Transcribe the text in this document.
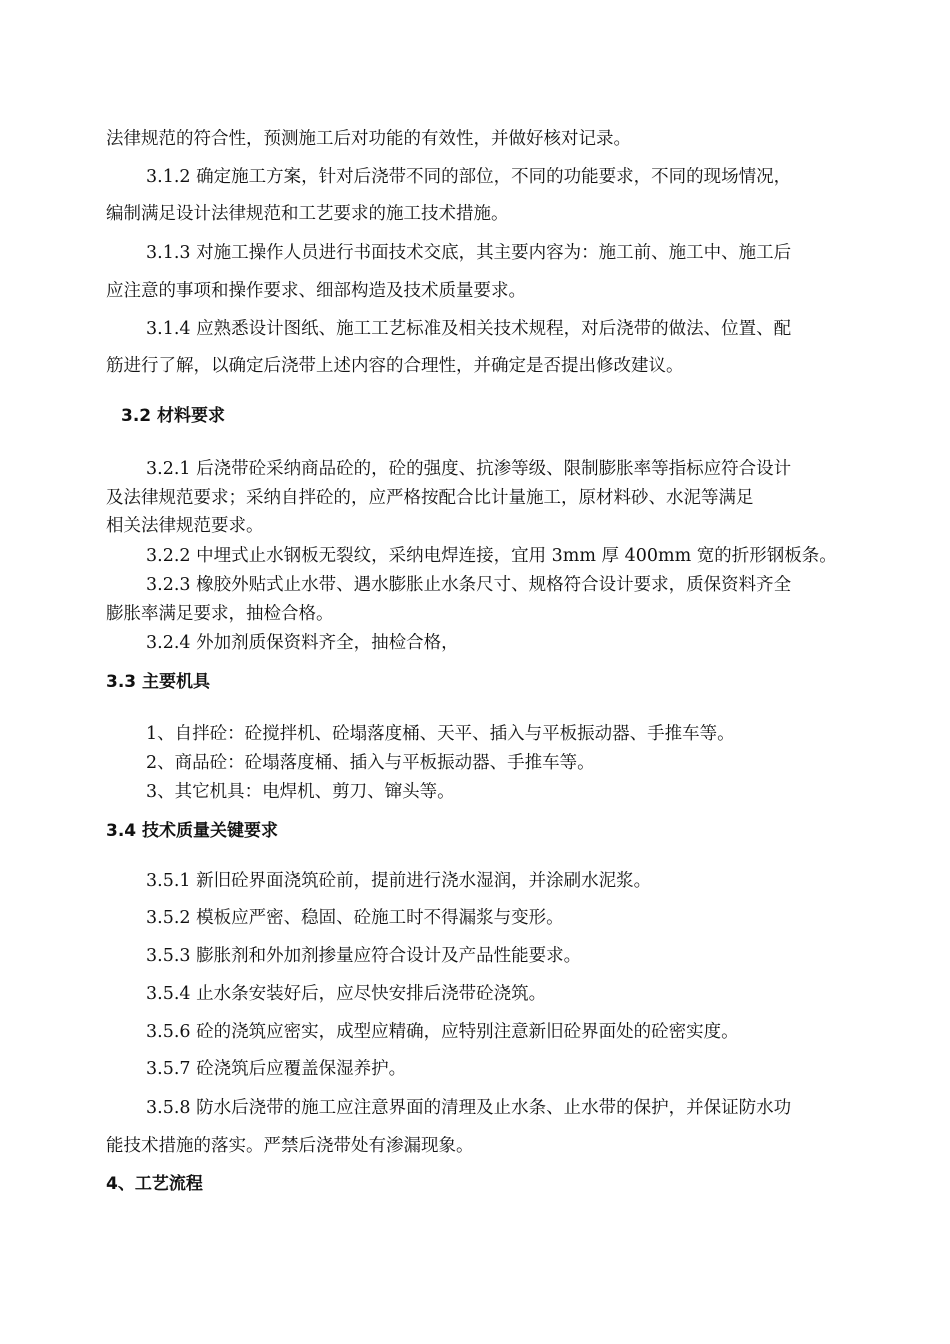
法律规范的符合性，预测施工后对功能的有效性，并做好核对记录。
3.1.2 确定施工方案，针对后浇带不同的部位，不同的功能要求，不同的现场情况，
编制满足设计法律规范和工艺要求的施工技术措施。
3.1.3 对施工操作人员进行书面技术交底，其主要内容为：施工前、施工中、施工后
应注意的事项和操作要求、细部构造及技术质量要求。
3.1.4 应熟悉设计图纸、施工工艺标准及相关技术规程，对后浇带的做法、位置、配
筋进行了解，以确定后浇带上述内容的合理性，并确定是否提出修改建议。
3.2 材料要求
3.2.1 后浇带砼采纳商品砼的，砼的强度、抗渗等级、限制膨胀率等指标应符合设计
及法律规范要求；采纳自拌砼的，应严格按配合比计量施工，原材料砂、水泥等满足
相关法律规范要求。
3.2.2 中埋式止水钢板无裂纹，采纳电焊连接，宜用 3mm 厚 400mm 宽的折形钢板条。
3.2.3 橡胶外贴式止水带、遇水膨胀止水条尺寸、规格符合设计要求，质保资料齐全
膨胀率满足要求，抽检合格。
3.2.4 外加剂质保资料齐全，抽检合格，
3.3 主要机具
1、自拌砼：砼搅拌机、砼塌落度桶、天平、插入与平板振动器、手推车等。
2、商品砼：砼塌落度桶、插入与平板振动器、手推车等。
3、其它机具：电焊机、剪刀、镩头等。
3.4 技术质量关键要求
3.5.1 新旧砼界面浇筑砼前，提前进行浇水湿润，并涂刷水泥浆。
3.5.2 模板应严密、稳固、砼施工时不得漏浆与变形。
3.5.3 膨胀剂和外加剂掺量应符合设计及产品性能要求。
3.5.4 止水条安装好后，应尽快安排后浇带砼浇筑。
3.5.6 砼的浇筑应密实，成型应精确，应特别注意新旧砼界面处的砼密实度。
3.5.7 砼浇筑后应覆盖保湿养护。
3.5.8 防水后浇带的施工应注意界面的清理及止水条、止水带的保护，并保证防水功
能技术措施的落实。严禁后浇带处有渗漏现象。
4、工艺流程
